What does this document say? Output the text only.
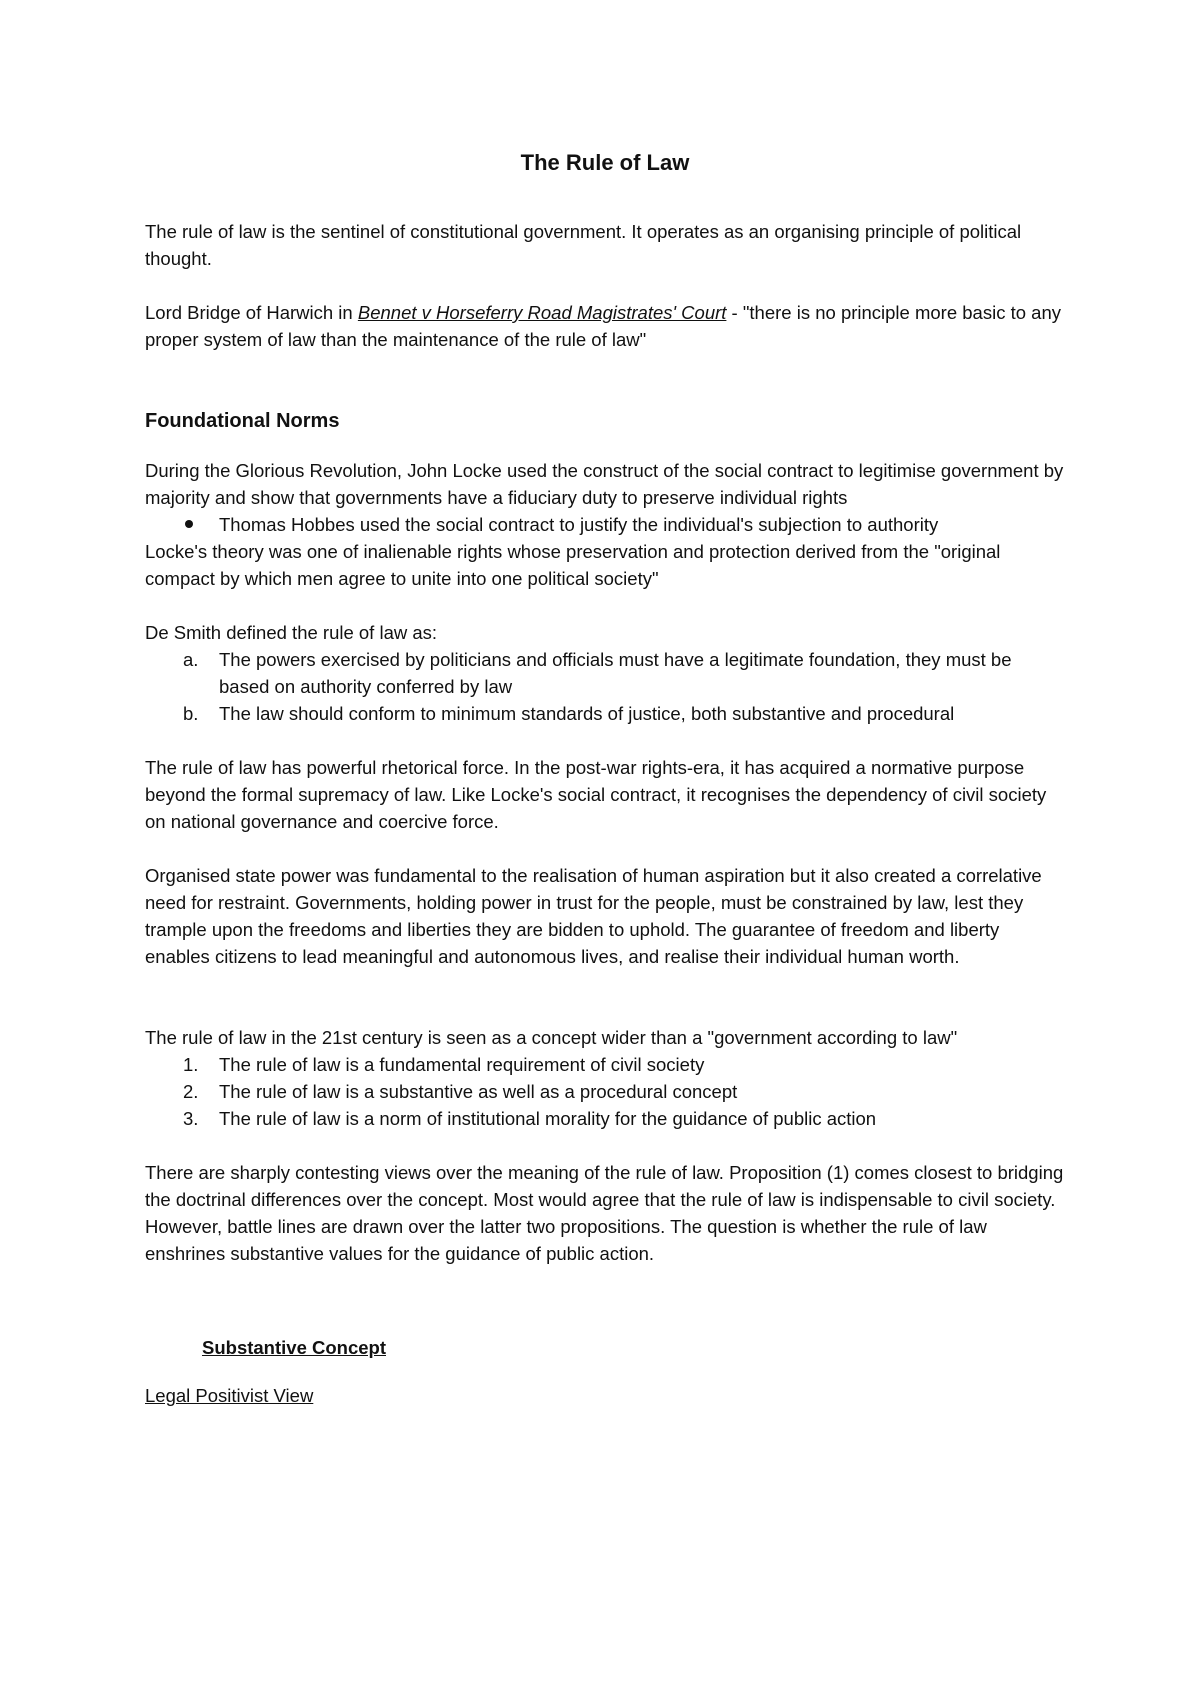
The Rule of Law

The rule of law is the sentinel of constitutional government. It operates as an organising principle of political thought.

Lord Bridge of Harwich in Bennet v Horseferry Road Magistrates' Court - "there is no principle more basic to any proper system of law than the maintenance of the rule of law"

Foundational Norms
During the Glorious Revolution, John Locke used the construct of the social contract to legitimise government by majority and show that governments have a fiduciary duty to preserve individual rights
Thomas Hobbes used the social contract to justify the individual's subjection to authority

Locke's theory was one of inalienable rights whose preservation and protection derived from the "original compact by which men agree to unite into one political society"

De Smith defined the rule of law as:
a. The powers exercised by politicians and officials must have a legitimate foundation, they must be based on authority conferred by law
b. The law should conform to minimum standards of justice, both substantive and procedural

The rule of law has powerful rhetorical force. In the post-war rights-era, it has acquired a normative purpose beyond the formal supremacy of law. Like Locke's social contract, it recognises the dependency of civil society on national governance and coercive force.

Organised state power was fundamental to the realisation of human aspiration but it also created a correlative need for restraint. Governments, holding power in trust for the people, must be constrained by law, lest they trample upon the freedoms and liberties they are bidden to uphold. The guarantee of freedom and liberty enables citizens to lead meaningful and autonomous lives, and realise their individual human worth.

The rule of law in the 21st century is seen as a concept wider than a "government according to law"
1. The rule of law is a fundamental requirement of civil society
2. The rule of law is a substantive as well as a procedural concept
3. The rule of law is a norm of institutional morality for the guidance of public action

There are sharply contesting views over the meaning of the rule of law. Proposition (1) comes closest to bridging the doctrinal differences over the concept. Most would agree that the rule of law is indispensable to civil society. However, battle lines are drawn over the latter two propositions. The question is whether the rule of law enshrines substantive values for the guidance of public action.

Substantive Concept
Legal Positivist View
